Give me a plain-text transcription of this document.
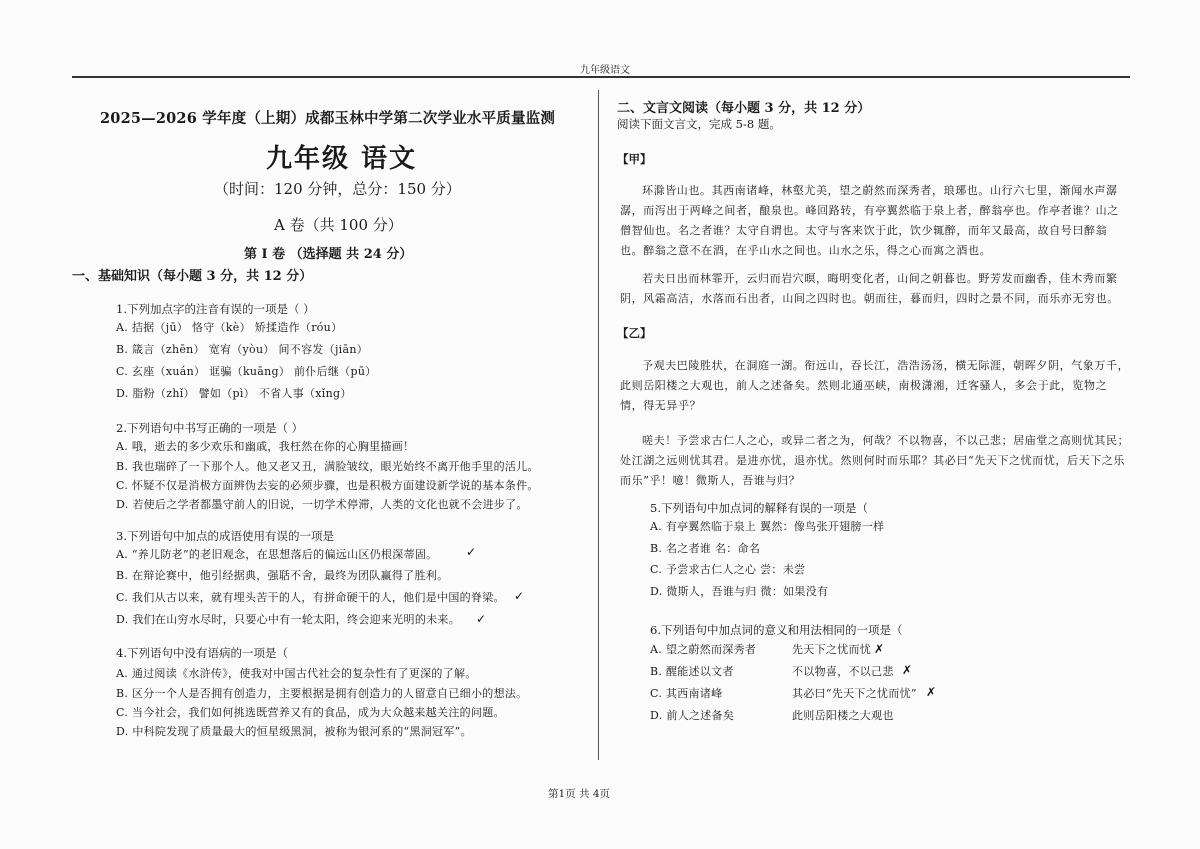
九年级语文
2025—2026 学年度（上期）成都玉林中学第二次学业水平质量监测
九年级 语文
（时间：120 分钟，总分：150 分）
A 卷（共 100 分）
第 I 卷 （选择题 共 24 分）
一、基础知识（每小题 3 分，共 12 分）
1.下列加点字的注音有误的一项是（ ）
A. 拮据（jū） 恪守（kè） 矫揉造作（róu）
B. 箴言（zhēn） 宽宥（yòu） 间不容发（jiān）
C. 玄座（xuán） 诓骗（kuāng） 前仆后继（pū）
D. 脂粉（zhǐ） 譬如（pì） 不省人事（xǐng）
2.下列语句中书写正确的一项是（ ）
A. 哦，逝去的多少欢乐和幽戚，我枉然在你的心胸里描画！
B. 我也瑞碎了一下那个人。他又老又丑，满脸皱纹，眼光始终不离开他手里的活儿。
C. 怀疑不仅是消极方面辨伪去妄的必须步骤，也是积极方面建设新学说的基本条件。
D. 若使后之学者都墨守前人的旧说，一切学术停滞，人类的文化也就不会进步了。
3.下列语句中加点的成语使用有误的一项是
A. “养儿防老”的老旧观念，在思想落后的偏远山区仍根深蒂固。
B. 在辩论赛中，他引经据典，强聒不舍，最终为团队赢得了胜利。
C. 我们从古以来，就有埋头苦干的人，有拼命硬干的人，他们是中国的脊梁。
D. 我们在山穷水尽时，只要心中有一轮太阳，终会迎来光明的未来。
✓
✓
✓
4.下列语句中没有语病的一项是（
A. 通过阅读《水浒传》，使我对中国古代社会的复杂性有了更深的了解。
B. 区分一个人是否拥有创造力，主要根据是拥有创造力的人留意自已细小的想法。
C. 当今社会，我们如何挑选既营养又有的食品，成为大众越来越关注的问题。
D. 中科院发现了质量最大的恒星级黑洞，被称为银河系的“黑洞冠军”。
二、文言文阅读（每小题 3 分，共 12 分）
阅读下面文言文，完成 5-8 题。
【甲】
环滁皆山也。其西南诸峰，林壑尤美，望之蔚然而深秀者，琅琊也。山行六七里，渐闻水声潺潺，而泻出于两峰之间者，酿泉也。峰回路转，有亭翼然临于泉上者，醉翁亭也。作亭者谁？山之僧智仙也。名之者谁？太守自谓也。太守与客来饮于此，饮少辄醉，而年又最高，故自号曰醉翁也。醉翁之意不在酒，在乎山水之间也。山水之乐，得之心而寓之酒也。
若夫日出而林霏开，云归而岩穴暝，晦明变化者，山间之朝暮也。野芳发而幽香，佳木秀而繁阴，风霜高洁，水落而石出者，山间之四时也。朝而往，暮而归，四时之景不同，而乐亦无穷也。
【乙】
予观夫巴陵胜状，在洞庭一湖。衔远山，吞长江，浩浩汤汤，横无际涯，朝晖夕阴，气象万千，此则岳阳楼之大观也，前人之述备矣。然则北通巫峡，南极潇湘，迁客骚人，多会于此，览物之情，得无异乎？
嗟夫！予尝求古仁人之心，或异二者之为，何哉？不以物喜，不以己悲；居庙堂之高则忧其民；处江湖之远则忧其君。是进亦忧，退亦忧。然则何时而乐耶？其必曰“先天下之忧而忧，后天下之乐而乐”乎！噫！微斯人，吾谁与归？
5.下列语句中加点词的解释有误的一项是（
A. 有亭翼然临于泉上 翼然：像鸟张开翅膀一样
B. 名之者谁 名：命名
C. 予尝求古仁人之心 尝：未尝
D. 微斯人，吾谁与归 微：如果没有
6.下列语句中加点词的意义和用法相同的一项是（
A. 望之蔚然而深秀者	先天下之忧而忧
B. 醒能述以文者	不以物喜，不以己悲
C. 其西南诸峰	其必曰“先天下之忧而忧”
D. 前人之述备矣	此则岳阳楼之大观也
✗
✗
✗
第1页 共 4页
